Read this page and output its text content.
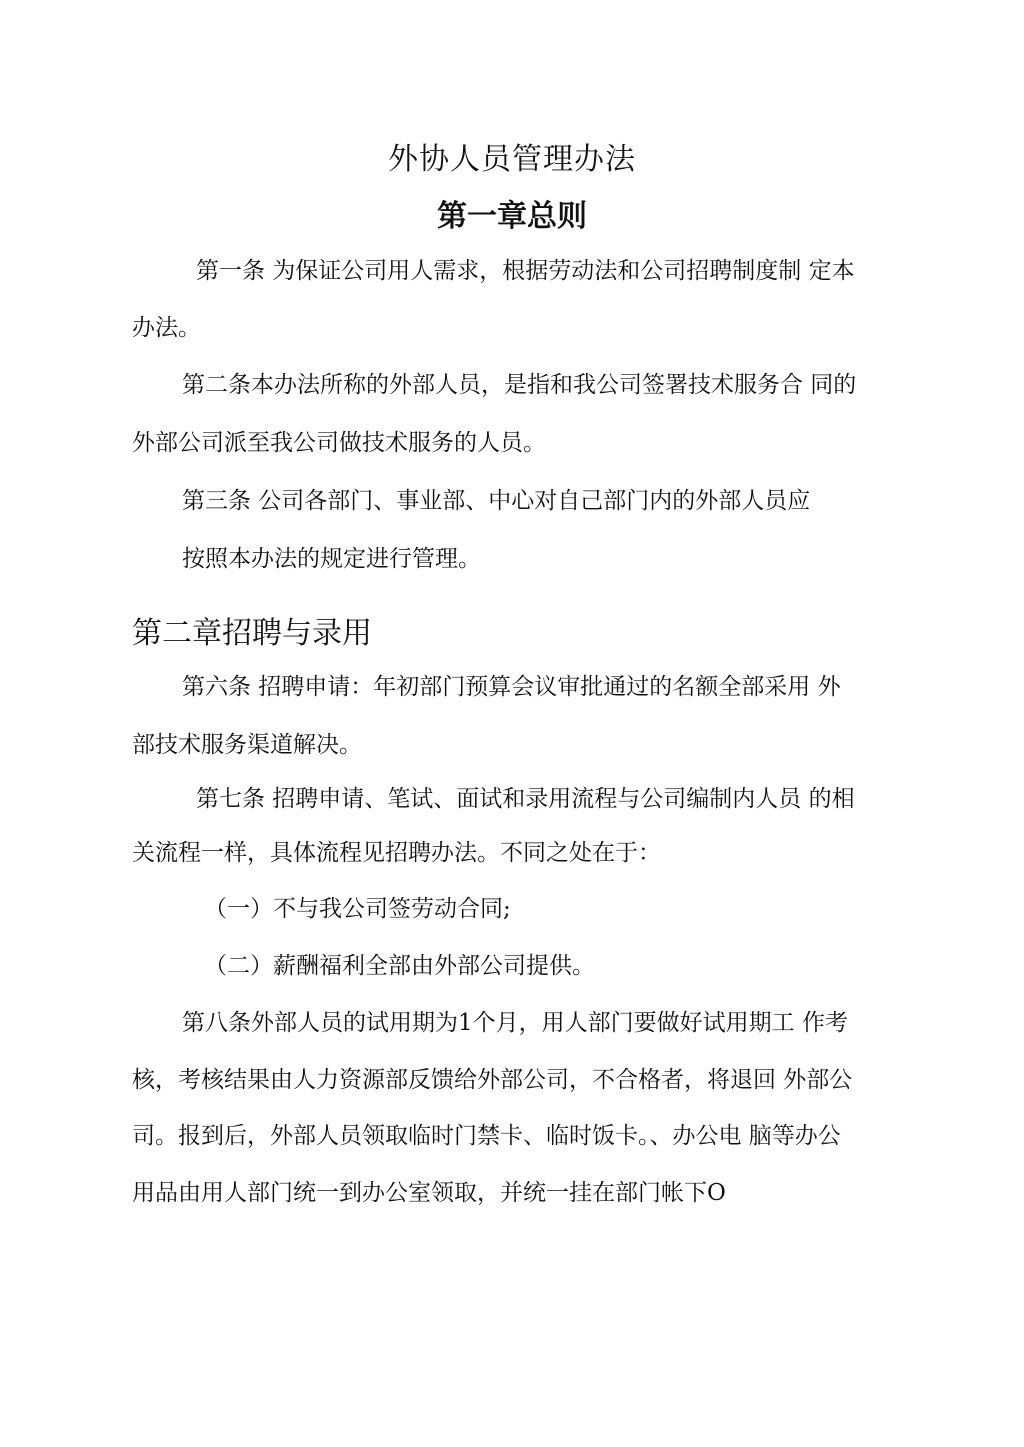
外协人员管理办法
第一章总则
第一条 为保证公司用人需求，根据劳动法和公司招聘制度制 定本
办法。
第二条本办法所称的外部人员，是指和我公司签署技术服务合 同的
外部公司派至我公司做技术服务的人员。
第三条 公司各部门、事业部、中心对自己部门内的外部人员应
按照本办法的规定进行管理。
第二章招聘与录用
第六条 招聘申请：年初部门预算会议审批通过的名额全部采用 外
部技术服务渠道解决。
第七条 招聘申请、笔试、面试和录用流程与公司编制内人员 的相
关流程一样，具体流程见招聘办法。不同之处在于：
（一）不与我公司签劳动合同;
（二）薪酬福利全部由外部公司提供。
第八条外部人员的试用期为1个月，用人部门要做好试用期工 作考
核，考核结果由人力资源部反馈给外部公司，不合格者，将退回 外部公
司。报到后，外部人员领取临时门禁卡、临时饭卡。、办公电 脑等办公
用品由用人部门统一到办公室领取，并统一挂在部门帐下O
